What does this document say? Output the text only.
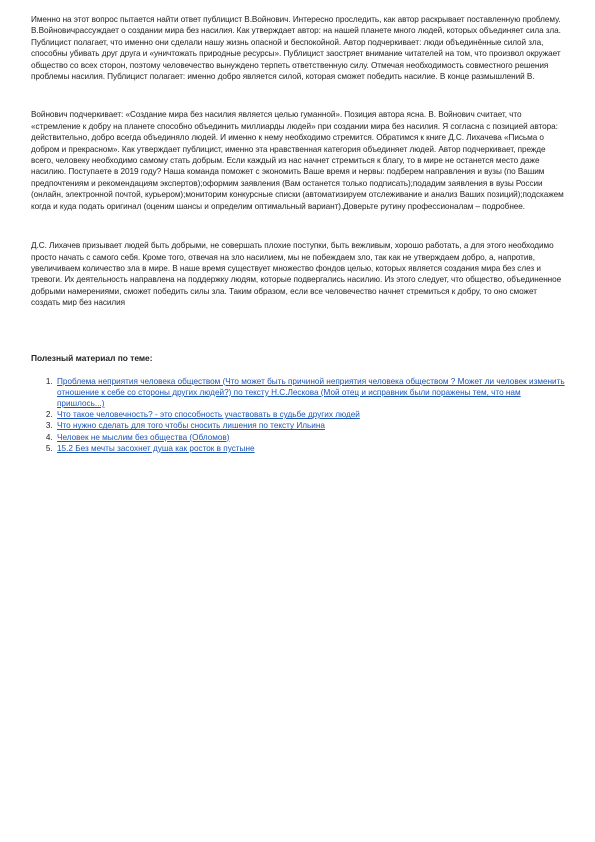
Именно на этот вопрос пытается найти ответ публицист В.Войнович. Интересно проследить, как автор раскрывает поставленную проблему. В.Войновичрассуждает о создании мира без насилия. Как утверждает автор: на нашей планете много людей, которых объединяет сила зла. Публицист полагает, что именно они сделали нашу жизнь опасной и беспокойной. Автор подчеркивает: люди объединённые силой зла, способны убивать друг друга и «уничтожать природные ресурсы». Публицист заостряет внимание читателей на том, что произвол окружает общество со всех сторон, поэтому человечество вынуждено терпеть ответственную силу. Отмечая необходимость совместного решения проблемы насилия. Публицист полагает: именно добро является силой, которая сможет победить насилие. В конце размышлений В.

Войнович подчеркивает: «Создание мира без насилия является целью гуманной». Позиция автора ясна. В. Войнович считает, что «стремление к добру на планете способно объединить миллиарды людей» при создании мира без насилия. Я согласна с позицией автора: действительно, добро всегда объединяло людей. И именно к нему необходимо стремится. Обратимся к книге Д.С. Лихачева «Письма о добром и прекрасном». Как утверждает публицист, именно эта нравственная категория объединяет людей. Автор подчеркивает, прежде всего, человеку необходимо самому стать добрым. Если каждый из нас начнет стремиться к благу, то в мире не останется место даже насилию. Поступаете в 2019 году? Наша команда поможет с экономить Ваше время и нервы: подберем направления и вузы (по Вашим предпочтениям и рекомендациям экспертов);оформим заявления (Вам останется только подписать);подадим заявления в вузы России (онлайн, электронной почтой, курьером);мониторим конкурсные списки (автоматизируем отслеживание и анализ Ваших позиций);подскажем когда и куда подать оригинал (оценим шансы и определим оптимальный вариант).Доверьте рутину профессионалам – подробнее.

Д.С. Лихачев призывает людей быть добрыми, не совершать плохие поступки, быть вежливым, хорошо работать, а для этого необходимо просто начать с самого себя. Кроме того, отвечая на зло насилием, мы не побеждаем зло, так как не утверждаем добро, а, напротив, увеличиваем количество зла в мире. В наше время существует множество фондов целью, которых является создания мира без слез и тревоги. Их деятельность направлена на поддержку людям, которые подвергались насилию. Из этого следует, что общество, объединенное добрыми намерениями, сможет победить силы зла. Таким образом, если все человечество начнет стремиться к добру, то оно сможет создать мир без насилия

Полезный материал по теме:
1. Проблема неприятия человека обществом (Что может быть причиной неприятия человека обществом ? Может ли человек изменить отношение к себе со стороны других людей?) по тексту Н.С.Лескова (Мой отец и исправник были поражены тем, что нам пришлось...)
2. Что такое человечность? - это способность участвовать в судьбе других людей
3. Что нужно сделать для того чтобы сносить лишения по тексту Ильина
4. Человек не мыслим без общества (Обломов)
5. 15.2 Без мечты засохнет душа как росток в пустыне
